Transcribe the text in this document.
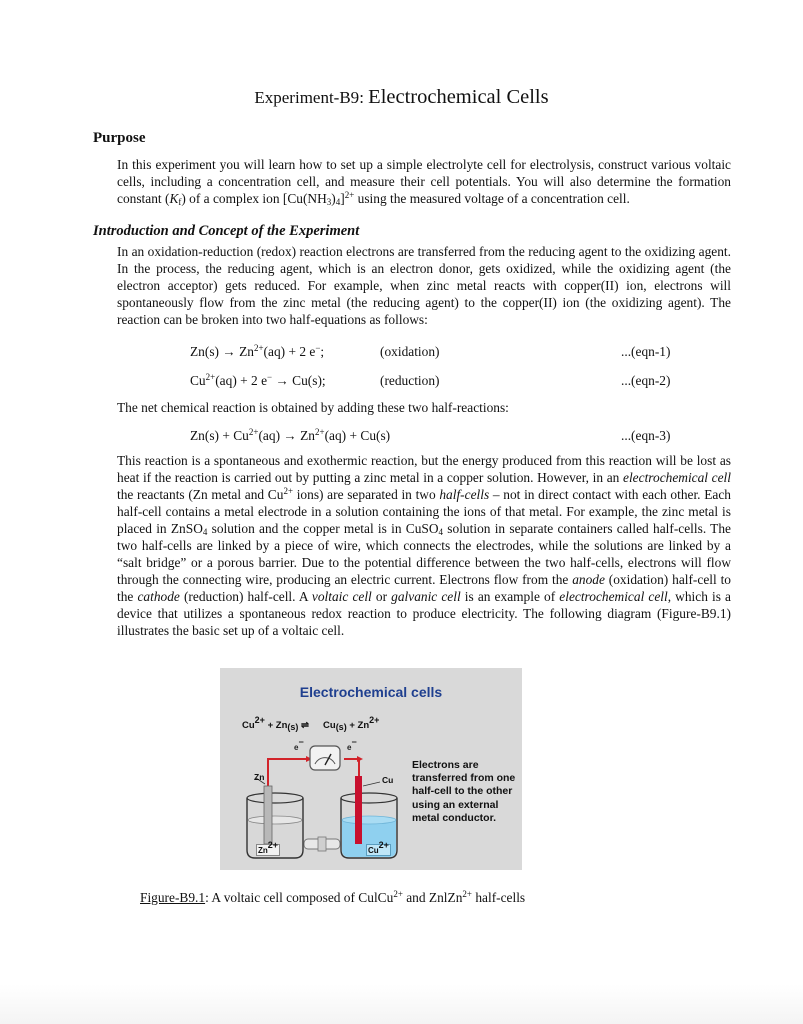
Experiment-B9: Electrochemical Cells
Purpose

In this experiment you will learn how to set up a simple electrolyte cell for electrolysis, construct various voltaic cells, including a concentration cell, and measure their cell potentials. You will also determine the formation constant $(K_f)$ of a complex ion $[Cu(NH_3)_4]^{2+}$ using the measured voltage of a concentration cell.

Introduction and Concept of the Experiment

In an oxidation-reduction (redox) reaction electrons are transferred from the reducing agent to the oxidizing agent. In the process, the reducing agent, which is an electron donor, gets oxidized, while the oxidizing agent (the electron acceptor) gets reduced. For example, when zinc metal reacts with copper(II) ion, electrons will spontaneously flow from the zinc metal (the reducing agent) to the copper(II) ion (the oxidizing agent). The reaction can be broken into two half-equations as follows:

$Zn(s) \to Zn^{2+}(aq) + 2$ e−;	(oxidation)	...(eqn-1)
$Cu^{2+}(aq) + 2$ e− → Cu(s);	(reduction)	...(eqn-2)
The net chemical reaction is obtained by adding these two half-reactions:
$Zn(s) + Cu^{2+}(aq) \to Zn^{2+}(aq) + Cu(s)$	...(eqn-3)

This reaction is a spontaneous and exothermic reaction, but the energy produced from this reaction will be lost as heat if the reaction is carried out by putting a zinc metal in a copper solution. However, in an electrochemical cell the reactants (Zn metal and $Cu^{2+}$ ions) are separated in two half-cells – not in direct contact with each other. Each half-cell contains a metal electrode in a solution containing the ions of that metal. For example, the zinc metal is placed in ZnSO$_4$ solution and the copper metal is in CuSO$_4$ solution in separate containers called half-cells. The two half-cells are linked by a piece of wire, which connects the electrodes, while the solutions are linked by a “salt bridge” or a porous barrier. Due to the potential difference between the two half-cells, electrons will flow through the connecting wire, producing an electric current. Electrons flow from the anode (oxidation) half-cell to the cathode (reduction) half-cell. A voltaic cell or galvanic cell is an example of electrochemical cell, which is a device that utilizes a spontaneous redox reaction to produce electricity. The following diagram (Figure-B9.1) illustrates the basic set up of a voltaic cell.

Electrochemical cells
$Cu^{2+} + Zn_{(s)}$ ⇌ $Cu_{(s)} + Zn^{2+}$
e−
e−
Zn	Cu
$Zn^{2+}$
$Cu^{2+}$
Electrons are transferred from one half-cell to the other using an external metal conductor.
Figure-B9.1: A voltaic cell composed of CulCu$^{2+}$ and ZnlZn$^{2+}$ half-cells
